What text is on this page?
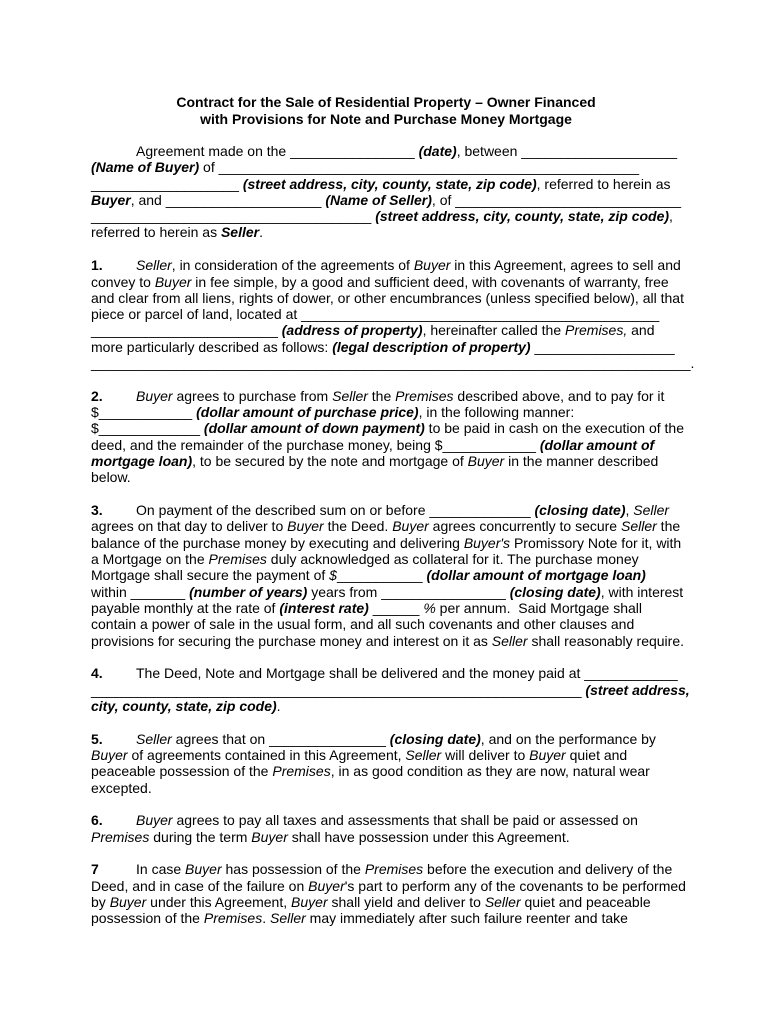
Contract for the Sale of Residential Property – Owner Financed
with Provisions for Note and Purchase Money Mortgage
Agreement made on the ________________ (date), between ____________________
(Name of Buyer) of ______________________________________________________
___________________ (street address, city, county, state, zip code), referred to herein as
Buyer, and ____________________ (Name of Seller), of _____________________________
____________________________________ (street address, city, county, state, zip code),
referred to herein as Seller.
1. Seller, in consideration of the agreements of Buyer in this Agreement, agrees to sell and
convey to Buyer in fee simple, by a good and sufficient deed, with covenants of warranty, free
and clear from all liens, rights of dower, or other encumbrances (unless specified below), all that
piece or parcel of land, located at ______________________________________________
________________________ (address of property), hereinafter called the Premises, and
more particularly described as follows: (legal description of property) __________________
_____________________________________________________________________________.
2. Buyer agrees to purchase from Seller the Premises described above, and to pay for it
$____________ (dollar amount of purchase price), in the following manner:
$_____________ (dollar amount of down payment) to be paid in cash on the execution of the
deed, and the remainder of the purchase money, being $____________ (dollar amount of
mortgage loan), to be secured by the note and mortgage of Buyer in the manner described
below.
3. On payment of the described sum on or before _____________ (closing date), Seller
agrees on that day to deliver to Buyer the Deed. Buyer agrees concurrently to secure Seller the
balance of the purchase money by executing and delivering Buyer's Promissory Note for it, with
a Mortgage on the Premises duly acknowledged as collateral for it. The purchase money
Mortgage shall secure the payment of $___________ (dollar amount of mortgage loan)
within _______ (number of years) years from ________________ (closing date), with interest
payable monthly at the rate of (interest rate) ______ % per annum.  Said Mortgage shall
contain a power of sale in the usual form, and all such covenants and other clauses and
provisions for securing the purchase money and interest on it as Seller shall reasonably require.
4. The Deed, Note and Mortgage shall be delivered and the money paid at ____________
_______________________________________________________________ (street address,
city, county, state, zip code).
5. Seller agrees that on _______________ (closing date), and on the performance by
Buyer of agreements contained in this Agreement, Seller will deliver to Buyer quiet and
peaceable possession of the Premises, in as good condition as they are now, natural wear
excepted.
6. Buyer agrees to pay all taxes and assessments that shall be paid or assessed on
Premises during the term Buyer shall have possession under this Agreement.
7	In case Buyer has possession of the Premises before the execution and delivery of the
Deed, and in case of the failure on Buyer's part to perform any of the covenants to be performed
by Buyer under this Agreement, Buyer shall yield and deliver to Seller quiet and peaceable
possession of the Premises. Seller may immediately after such failure reenter and take
